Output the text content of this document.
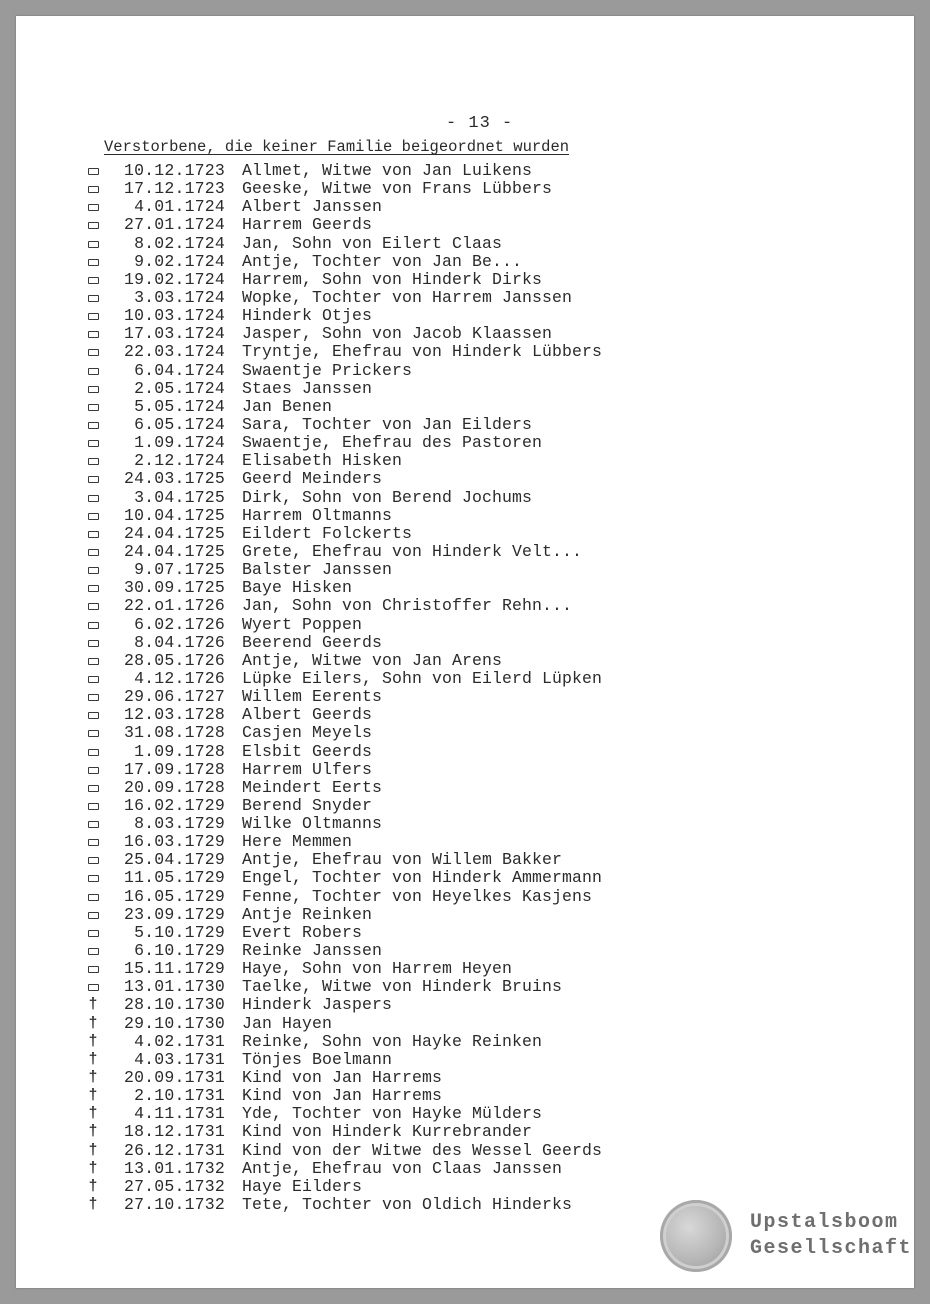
- 13 -
Verstorbene, die keiner Familie beigeordnet wurden
10.12.1723 Allmet, Witwe von Jan Luikens
17.12.1723 Geeske, Witwe von Frans Lübbers
4.01.1724 Albert Janssen
27.01.1724 Harrem Geerds
8.02.1724 Jan, Sohn von Eilert Claas
9.02.1724 Antje, Tochter von Jan Be...
19.02.1724 Harrem, Sohn von Hinderk Dirks
3.03.1724 Wopke, Tochter von Harrem Janssen
10.03.1724 Hinderk Otjes
17.03.1724 Jasper, Sohn von Jacob Klaassen
22.03.1724 Tryntje, Ehefrau von Hinderk Lübbers
6.04.1724 Swaentje Prickers
2.05.1724 Staes Janssen
5.05.1724 Jan Benen
6.05.1724 Sara, Tochter von Jan Eilders
1.09.1724 Swaentje, Ehefrau des Pastoren
2.12.1724 Elisabeth Hisken
24.03.1725 Geerd Meinders
3.04.1725 Dirk, Sohn von Berend Jochums
10.04.1725 Harrem Oltmanns
24.04.1725 Eildert Folckerts
24.04.1725 Grete, Ehefrau von Hinderk Velt...
9.07.1725 Balster Janssen
30.09.1725 Baye Hisken
22.o1.1726 Jan, Sohn von Christoffer Rehn...
6.02.1726 Wyert Poppen
8.04.1726 Beerend Geerds
28.05.1726 Antje, Witwe von Jan Arens
4.12.1726 Lüpke Eilers, Sohn von Eilerd Lüpken
29.06.1727 Willem Eerents
12.03.1728 Albert Geerds
31.08.1728 Casjen Meyels
1.09.1728 Elsbit Geerds
17.09.1728 Harrem Ulfers
20.09.1728 Meindert Eerts
16.02.1729 Berend Snyder
8.03.1729 Wilke Oltmanns
16.03.1729 Here Memmen
25.04.1729 Antje, Ehefrau von Willem Bakker
11.05.1729 Engel, Tochter von Hinderk Ammermann
16.05.1729 Fenne, Tochter von Heyelkes Kasjens
23.09.1729 Antje Reinken
5.10.1729 Evert Robers
6.10.1729 Reinke Janssen
15.11.1729 Haye, Sohn von Harrem Heyen
13.01.1730 Taelke, Witwe von Hinderk Bruins
†	28.10.1730 Hinderk Jaspers
†	29.10.1730 Jan Hayen
†	4.02.1731 Reinke, Sohn von Hayke Reinken
†	4.03.1731 Tönjes Boelmann
†	20.09.1731 Kind von Jan Harrems
†	2.10.1731 Kind von Jan Harrems
†	4.11.1731 Yde, Tochter von Hayke Mülders
†	18.12.1731 Kind von Hinderk Kurrebrander
†	26.12.1731 Kind von der Witwe des Wessel Geerds
†	13.01.1732 Antje, Ehefrau von Claas Janssen
†	27.05.1732 Haye Eilders
†	27.10.1732 Tete, Tochter von Oldich Hinderks
Upstalsboom
Gesellschaft
